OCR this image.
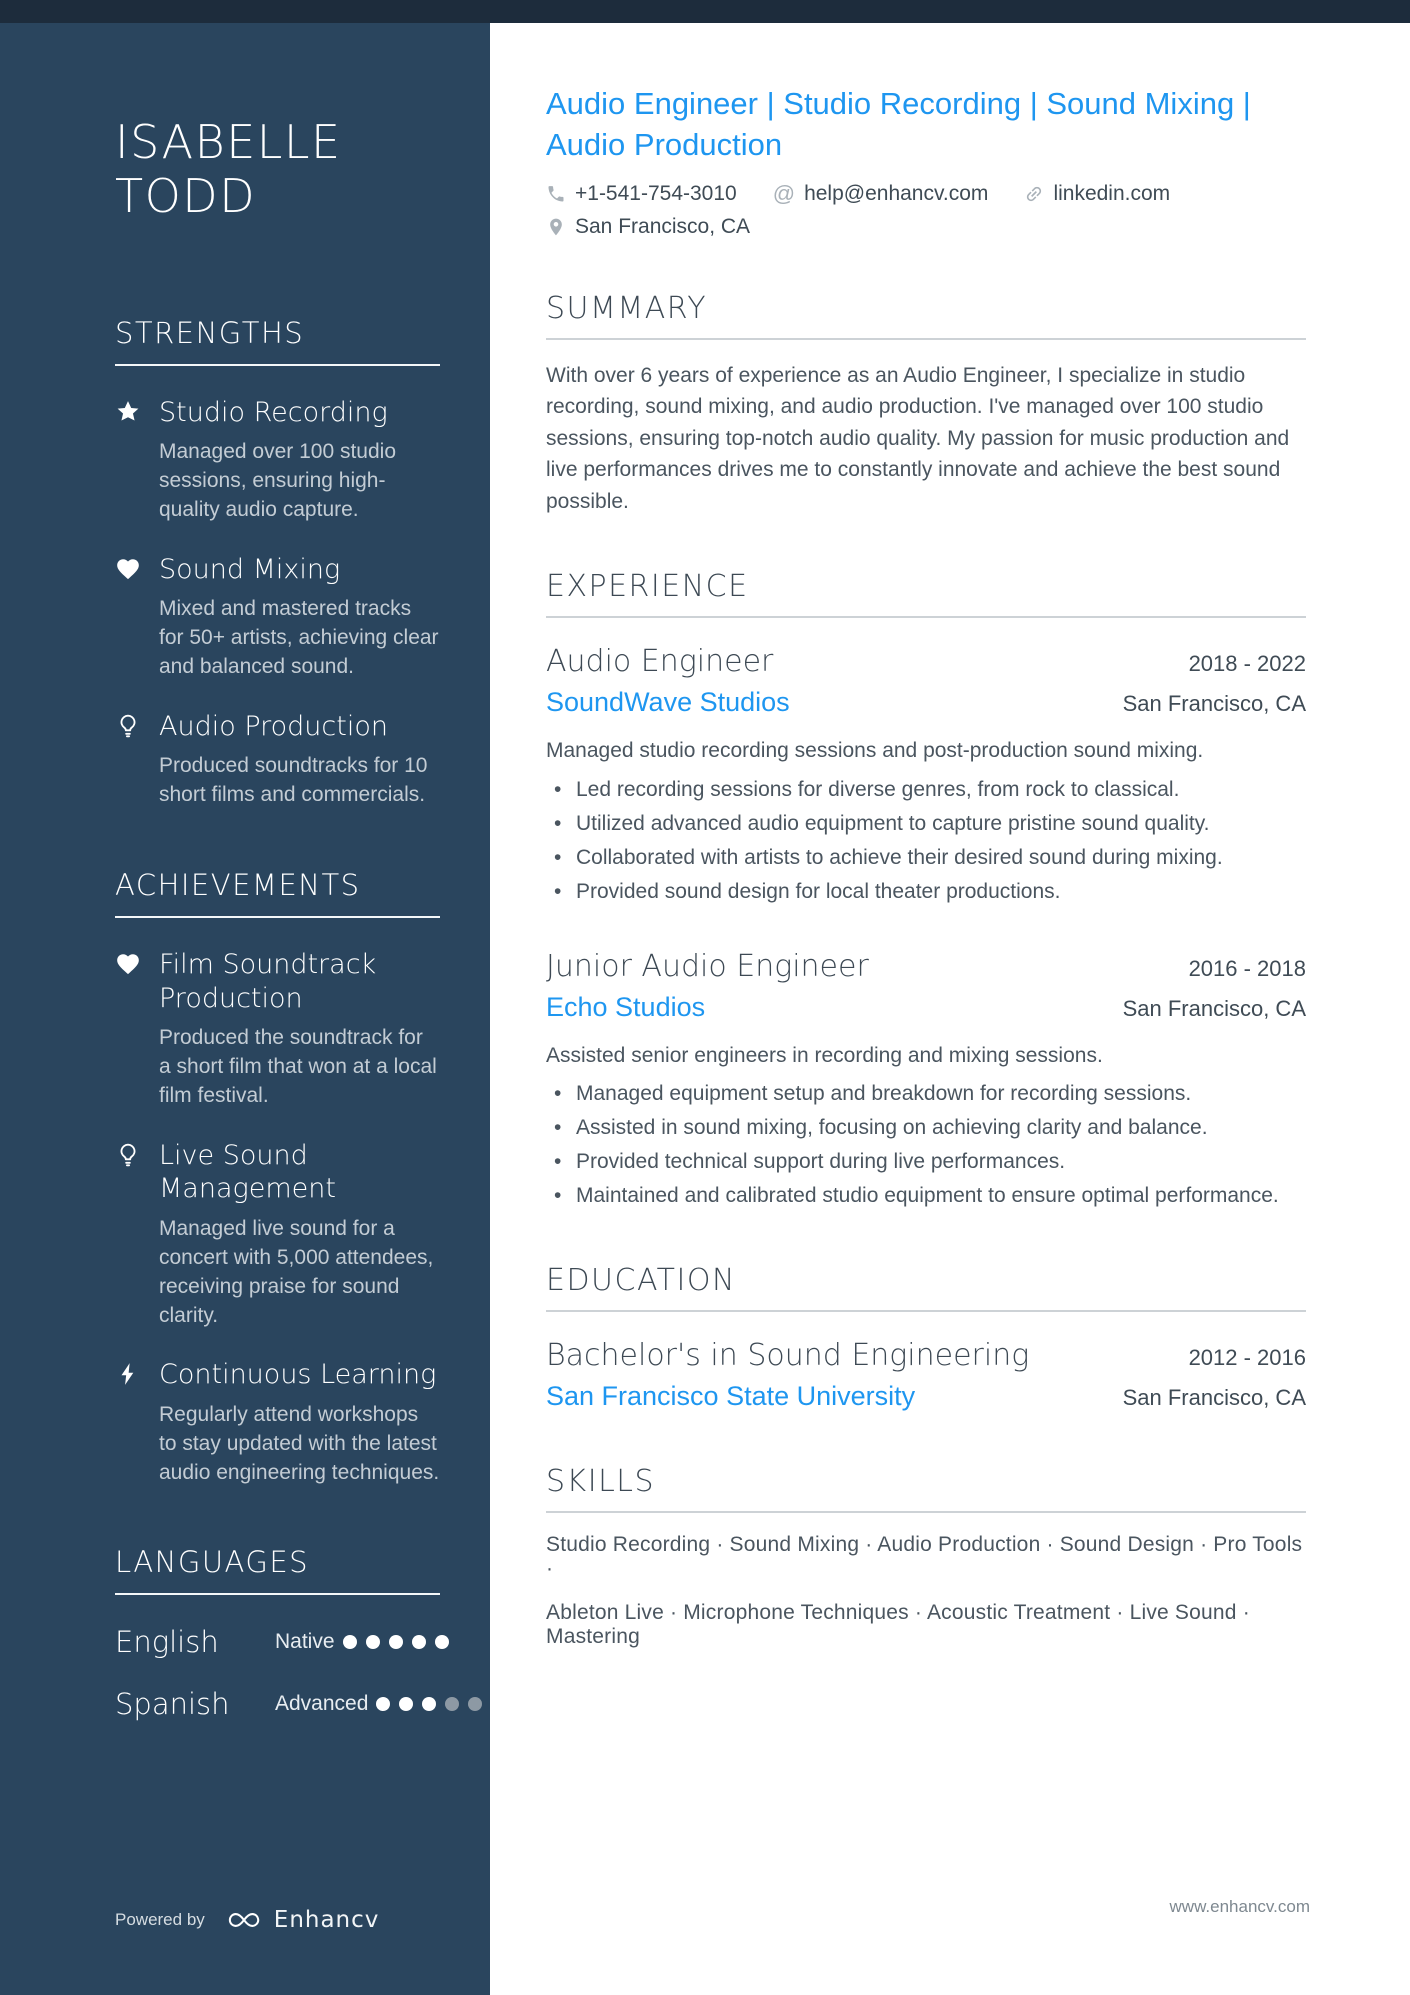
ISABELLE TODD
STRENGTHS
Studio Recording
Managed over 100 studio sessions, ensuring high-quality audio capture.
Sound Mixing
Mixed and mastered tracks for 50+ artists, achieving clear and balanced sound.
Audio Production
Produced soundtracks for 10 short films and commercials.
ACHIEVEMENTS
Film Soundtrack Production
Produced the soundtrack for a short film that won at a local film festival.
Live Sound Management
Managed live sound for a concert with 5,000 attendees, receiving praise for sound clarity.
Continuous Learning
Regularly attend workshops to stay updated with the latest audio engineering techniques.
LANGUAGES
English	Native
Spanish	Advanced
Powered by	Enhancv
Audio Engineer | Studio Recording | Sound Mixing | Audio Production
+1-541-754-3010 @ help@enhancv.com	linkedin.com
San Francisco, CA
SUMMARY
With over 6 years of experience as an Audio Engineer, I specialize in studio recording, sound mixing, and audio production. I've managed over 100 studio sessions, ensuring top-notch audio quality. My passion for music production and live performances drives me to constantly innovate and achieve the best sound possible.
EXPERIENCE
Audio Engineer	2018 - 2022
SoundWave Studios	San Francisco, CA
Managed studio recording sessions and post-production sound mixing.
• Led recording sessions for diverse genres, from rock to classical.
• Utilized advanced audio equipment to capture pristine sound quality.
• Collaborated with artists to achieve their desired sound during mixing.
• Provided sound design for local theater productions.
Junior Audio Engineer	2016 - 2018
Echo Studios	San Francisco, CA
Assisted senior engineers in recording and mixing sessions.
• Managed equipment setup and breakdown for recording sessions.
• Assisted in sound mixing, focusing on achieving clarity and balance.
• Provided technical support during live performances.
• Maintained and calibrated studio equipment to ensure optimal performance.
EDUCATION
Bachelor's in Sound Engineering	2012 - 2016
San Francisco State University	San Francisco, CA
SKILLS
Studio Recording · Sound Mixing · Audio Production · Sound Design · Pro Tools ·
Ableton Live · Microphone Techniques · Acoustic Treatment · Live Sound · Mastering
www.enhancv.com
